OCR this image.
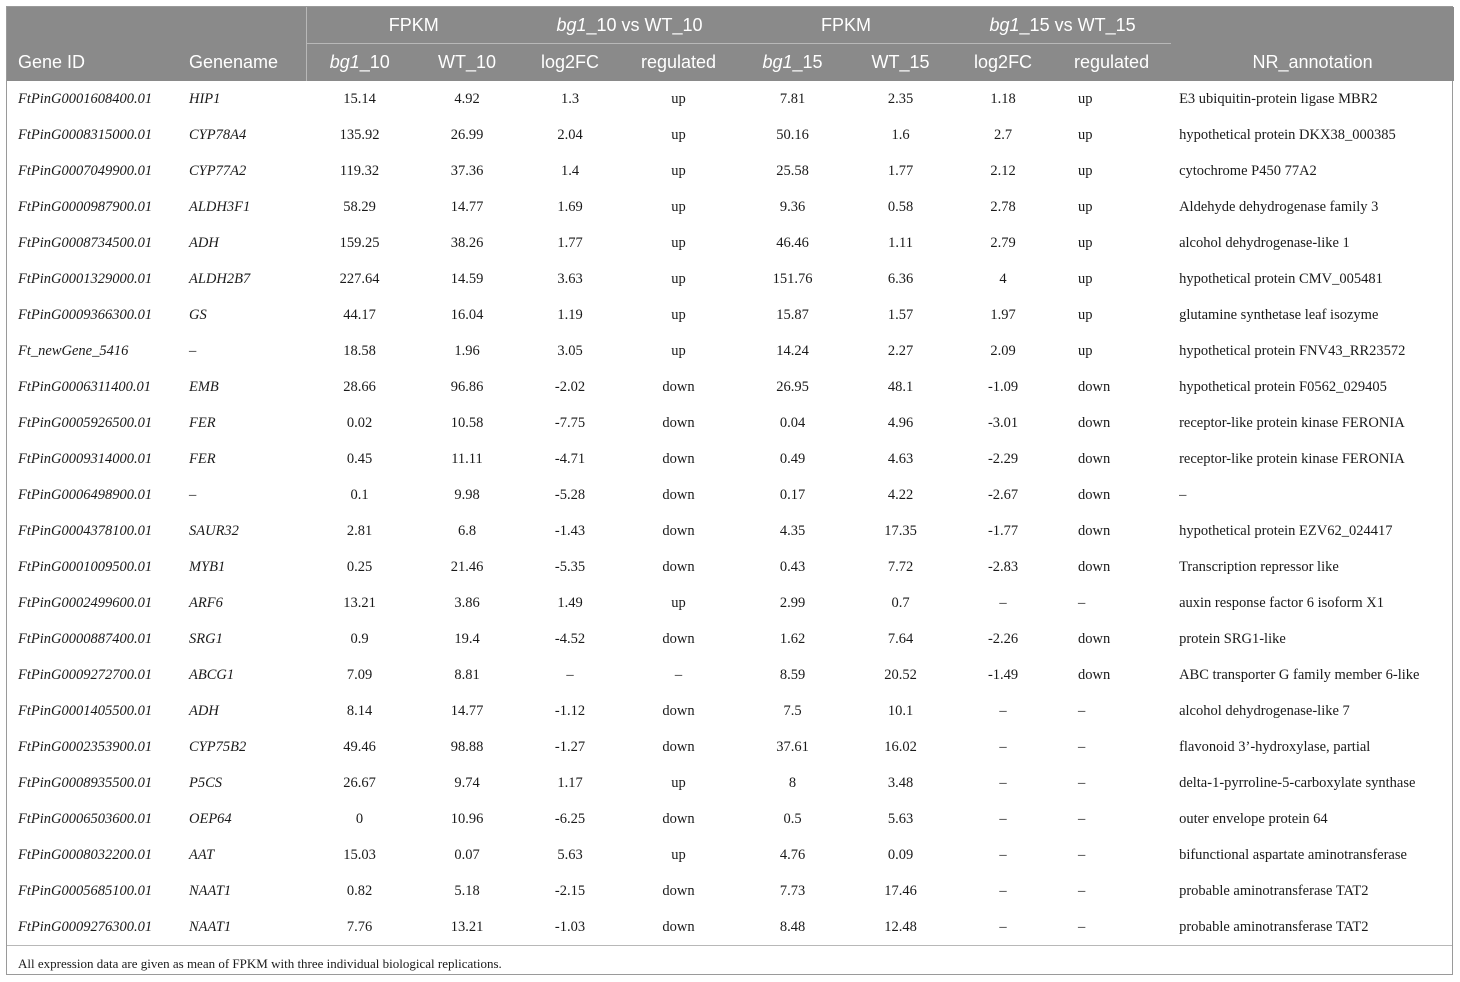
		FPKM		bg1_10 vs WT_10		FPKM		bg1_15 vs WT_15		
Gene ID	Genename	bg1_10	WT_10	log2FC	regulated	bg1_15	WT_15	log2FC	regulated	NR_annotation
FtPinG0001608400.01	HIP1	15.14	4.92	1.3	up	7.81	2.35	1.18	up	E3 ubiquitin-protein ligase MBR2
FtPinG0008315000.01	CYP78A4	135.92	26.99	2.04	up	50.16	1.6	2.7	up	hypothetical protein DKX38_000385
FtPinG0007049900.01	CYP77A2	119.32	37.36	1.4	up	25.58	1.77	2.12	up	cytochrome P450 77A2
FtPinG0000987900.01	ALDH3F1	58.29	14.77	1.69	up	9.36	0.58	2.78	up	Aldehyde dehydrogenase family 3
FtPinG0008734500.01	ADH	159.25	38.26	1.77	up	46.46	1.11	2.79	up	alcohol dehydrogenase-like 1
FtPinG0001329000.01	ALDH2B7	227.64	14.59	3.63	up	151.76	6.36	4	up	hypothetical protein CMV_005481
FtPinG0009366300.01	GS	44.17	16.04	1.19	up	15.87	1.57	1.97	up	glutamine synthetase leaf isozyme
Ft_newGene_5416	–	18.58	1.96	3.05	up	14.24	2.27	2.09	up	hypothetical protein FNV43_RR23572
FtPinG0006311400.01	EMB	28.66	96.86	-2.02	down	26.95	48.1	-1.09	down	hypothetical protein F0562_029405
FtPinG0005926500.01	FER	0.02	10.58	-7.75	down	0.04	4.96	-3.01	down	receptor-like protein kinase FERONIA
FtPinG0009314000.01	FER	0.45	11.11	-4.71	down	0.49	4.63	-2.29	down	receptor-like protein kinase FERONIA
FtPinG0006498900.01	–	0.1	9.98	-5.28	down	0.17	4.22	-2.67	down	–
FtPinG0004378100.01	SAUR32	2.81	6.8	-1.43	down	4.35	17.35	-1.77	down	hypothetical protein EZV62_024417
FtPinG0001009500.01	MYB1	0.25	21.46	-5.35	down	0.43	7.72	-2.83	down	Transcription repressor like
FtPinG0002499600.01	ARF6	13.21	3.86	1.49	up	2.99	0.7	–	–	auxin response factor 6 isoform X1
FtPinG0000887400.01	SRG1	0.9	19.4	-4.52	down	1.62	7.64	-2.26	down	protein SRG1-like
FtPinG0009272700.01	ABCG1	7.09	8.81	–	–	8.59	20.52	-1.49	down	ABC transporter G family member 6-like
FtPinG0001405500.01	ADH	8.14	14.77	-1.12	down	7.5	10.1	–	–	alcohol dehydrogenase-like 7
FtPinG0002353900.01	CYP75B2	49.46	98.88	-1.27	down	37.61	16.02	–	–	flavonoid 3’-hydroxylase, partial
FtPinG0008935500.01	P5CS	26.67	9.74	1.17	up	8	3.48	–	–	delta-1-pyrroline-5-carboxylate synthase
FtPinG0006503600.01	OEP64	0	10.96	-6.25	down	0.5	5.63	–	–	outer envelope protein 64
FtPinG0008032200.01	AAT	15.03	0.07	5.63	up	4.76	0.09	–	–	bifunctional aspartate aminotransferase
FtPinG0005685100.01	NAAT1	0.82	5.18	-2.15	down	7.73	17.46	–	–	probable aminotransferase TAT2
FtPinG0009276300.01	NAAT1	7.76	13.21	-1.03	down	8.48	12.48	–	–	probable aminotransferase TAT2
All expression data are given as mean of FPKM with three individual biological replications.
